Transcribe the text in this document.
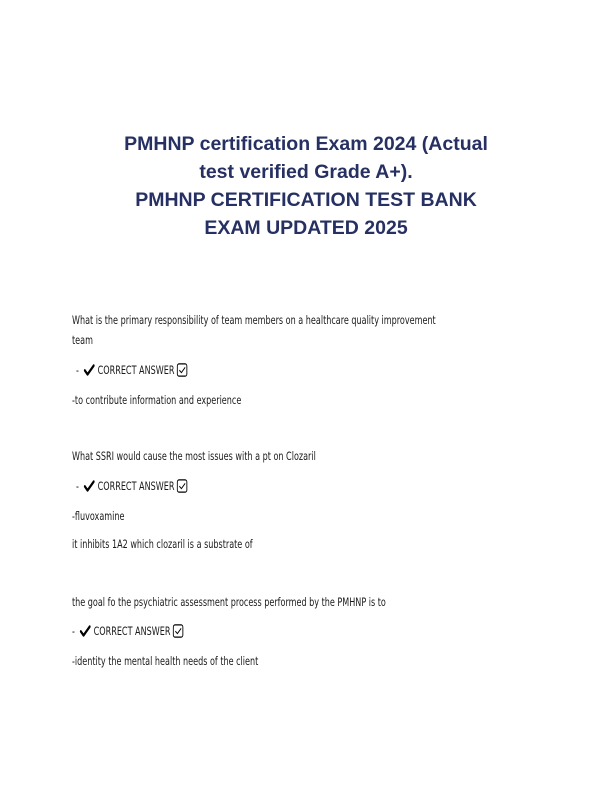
PMHNP certification Exam 2024 (Actual
test verified Grade A+).
PMHNP CERTIFICATION TEST BANK
EXAM UPDATED 2025
What is the primary responsibility of team members on a healthcare quality improvement
team
- CORRECT ANSWER
-to contribute information and experience
What SSRI would cause the most issues with a pt on Clozaril
- CORRECT ANSWER
-fluvoxamine
it inhibits 1A2 which clozaril is a substrate of
the goal fo the psychiatric assessment process performed by the PMHNP is to
- CORRECT ANSWER
-identity the mental health needs of the client
